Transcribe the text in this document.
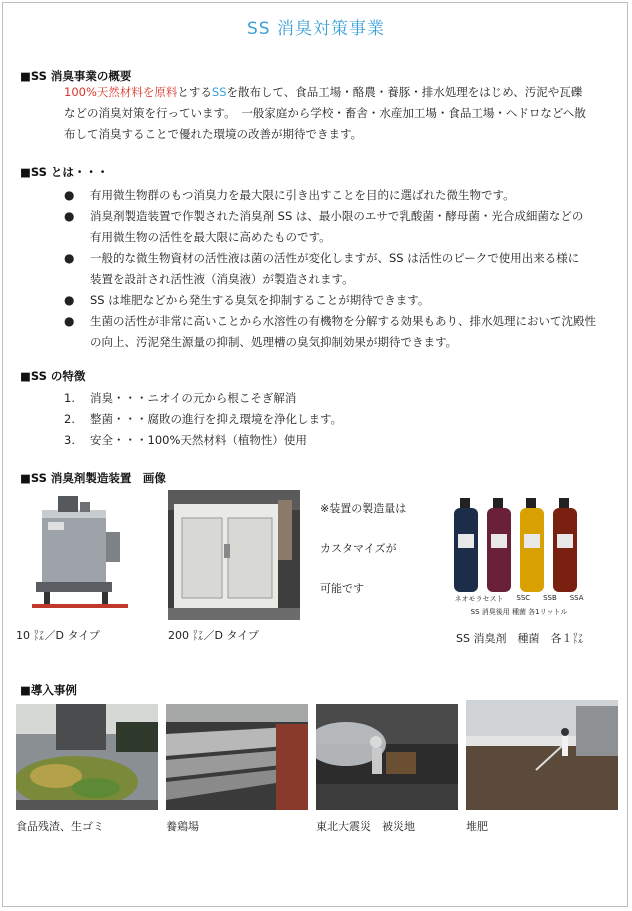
SS 消臭対策事業
■SS 消臭事業の概要
100%天然材料を原料とするSSを散布して、食品工場・酪農・養豚・排水処理をはじめ、汚泥や瓦礫
などの消臭対策を行っています。　一般家庭から学校・畜舎・水産加工場・食品工場・ヘドロなどへ散
布して消臭することで優れた環境の改善が期待できます。
■SS とは・・・
● 有用微生物群のもつ消臭力を最大限に引き出すことを目的に選ばれた微生物です。
● 消臭剤製造装置で作製された消臭剤 SS は、最小限のエサで乳酸菌・酵母菌・光合成細菌などの
有用微生物の活性を最大限に高めたものです。
● 一般的な微生物資材の活性液は菌の活性が変化しますが、SS は活性のピークで使用出来る様に
装置を設計され活性液（消臭液）が製造されます。
● SS は堆肥などから発生する臭気を抑制することが期待できます。
● 生菌の活性が非常に高いことから水溶性の有機物を分解する効果もあり、排水処理において沈殿性
の向上、汚泥発生源量の抑制、処理槽の臭気抑制効果が期待できます。
■SS の特徴
1. 消臭・・・ニオイの元から根こそぎ解消
2. 整菌・・・腐敗の進行を抑え環境を浄化します。
3. 安全・・・100%天然材料（植物性）使用
■SS 消臭剤製造装置　画像
10 ㍑／D タイプ	200 ㍑／D タイプ
※装置の製造量は
カスタマイズが
可能です
ネオモラセスト SSC SSB SSA
SS 消臭後用 種菌 各1リットル
SS 消臭剤　種菌　各１㍑
■導入事例
食品残渣、生ゴミ	養鶏場	東北大震災　被災地	堆肥
